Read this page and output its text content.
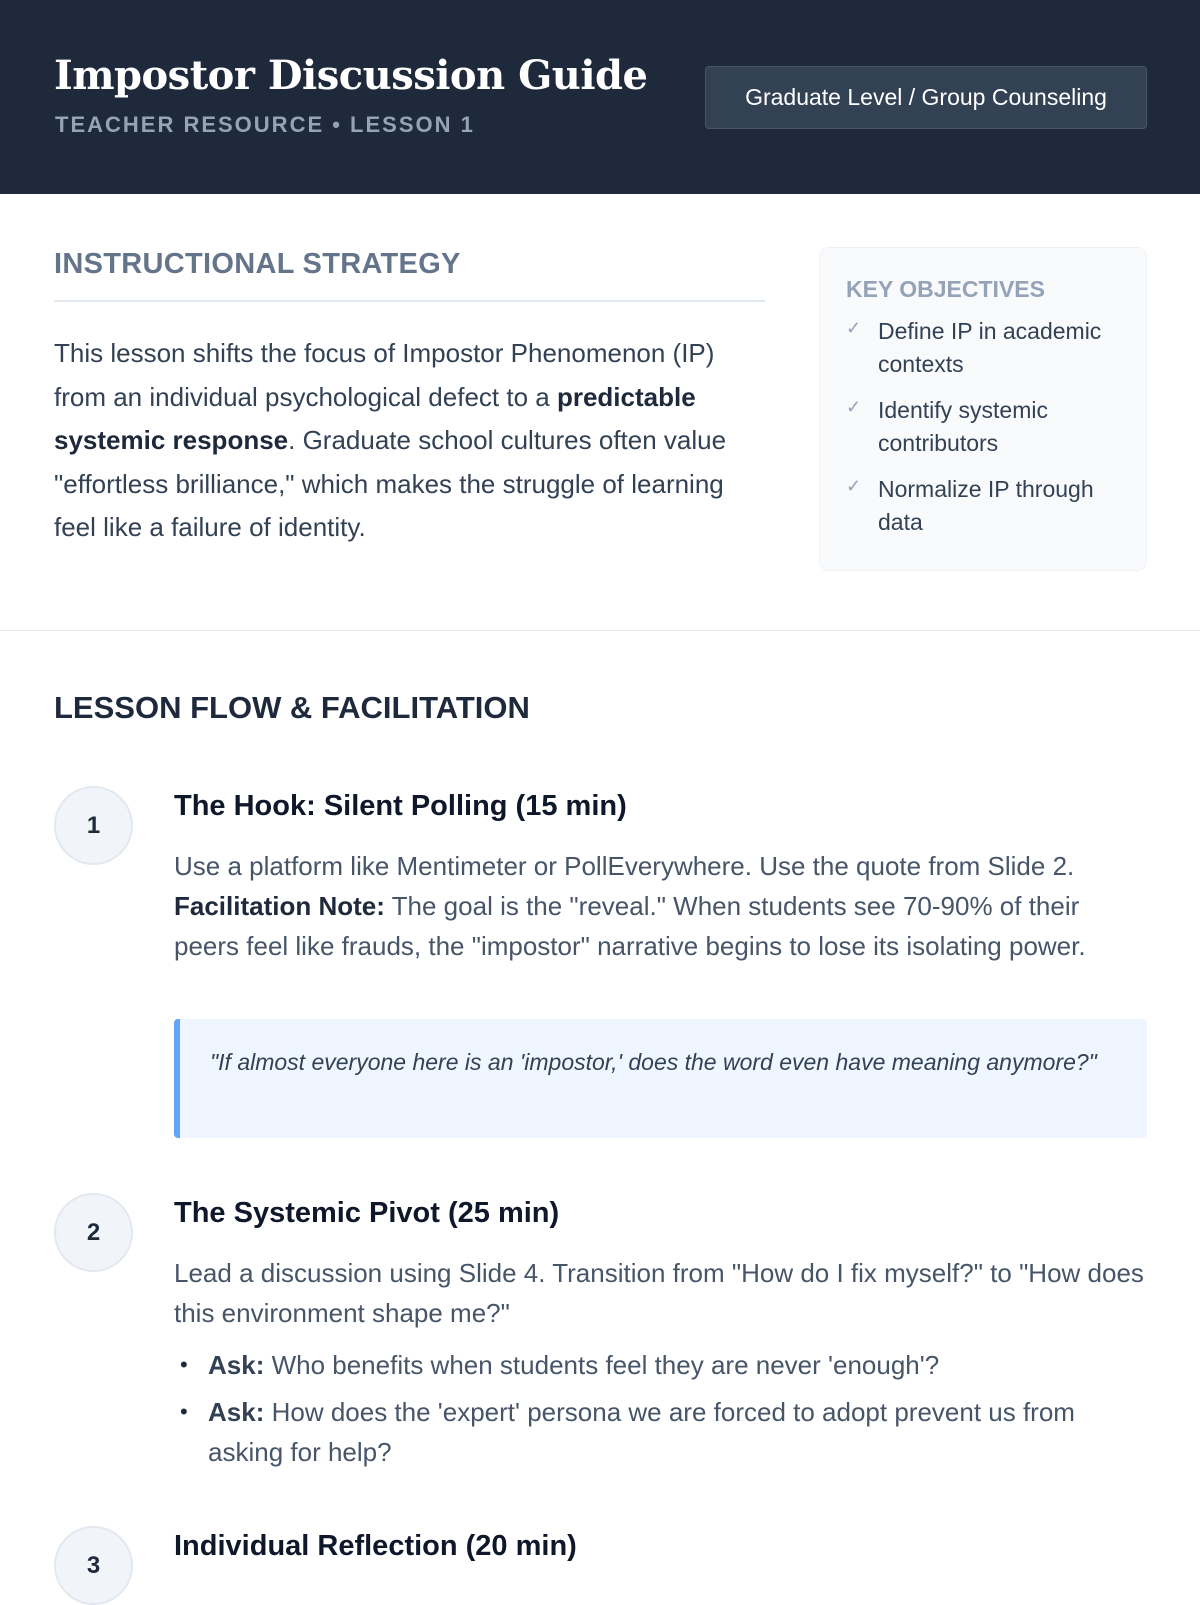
Impostor Discussion Guide
TEACHER RESOURCE • LESSON 1
Graduate Level / Group Counseling
INSTRUCTIONAL STRATEGY

This lesson shifts the focus of Impostor Phenomenon (IP) from an individual psychological defect to a predictable systemic response. Graduate school cultures often value "effortless brilliance," which makes the struggle of learning feel like a failure of identity.

KEY OBJECTIVES
✓ Define IP in academic contexts
✓ Identify systemic contributors
✓ Normalize IP through data
LESSON FLOW & FACILITATION
1
The Hook: Silent Polling (15 min)

Use a platform like Mentimeter or PollEverywhere. Use the quote from Slide 2. Facilitation Note: The goal is the "reveal." When students see 70-90% of their peers feel like frauds, the "impostor" narrative begins to lose its isolating power.

"If almost everyone here is an 'impostor,' does the word even have meaning anymore?"
2
The Systemic Pivot (25 min)

Lead a discussion using Slide 4. Transition from "How do I fix myself?" to "How does this environment shape me?"

• Ask: Who benefits when students feel they are never 'enough'?
• Ask: How does the 'expert' persona we are forced to adopt prevent us from asking for help?
3
Individual Reflection (20 min)
